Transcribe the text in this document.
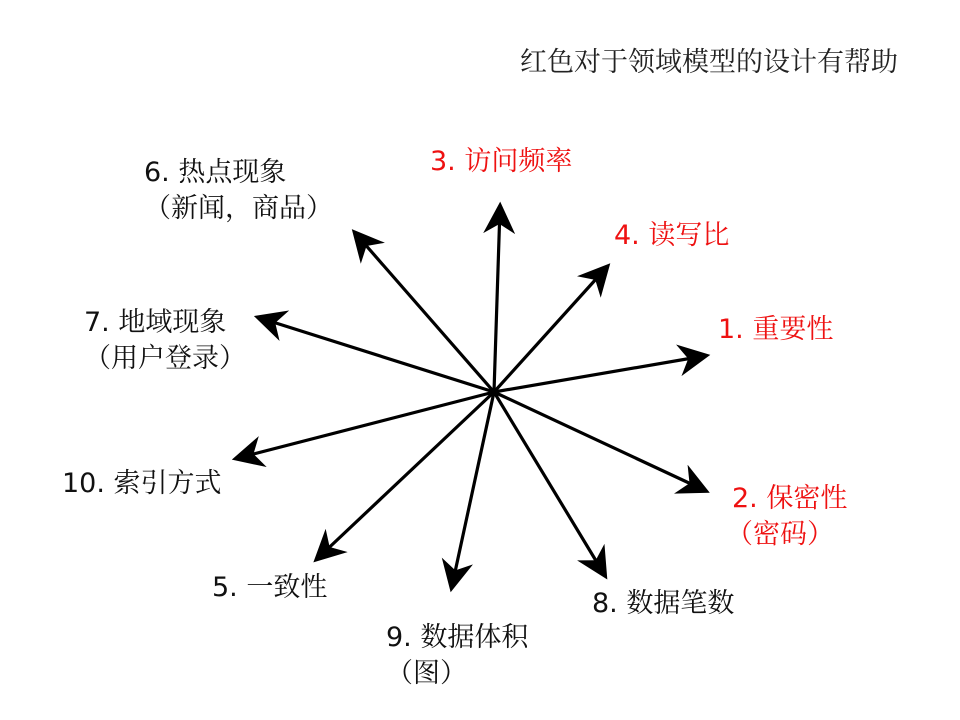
红色对于领域模型的设计有帮助
1. 重要性
2. 保密性
（密码）
3. 访问频率
4. 读写比
5. 一致性
6. 热点现象
（新闻，商品）
7. 地域现象
（用户登录）
8. 数据笔数
9. 数据体积
（图）
10. 索引方式
